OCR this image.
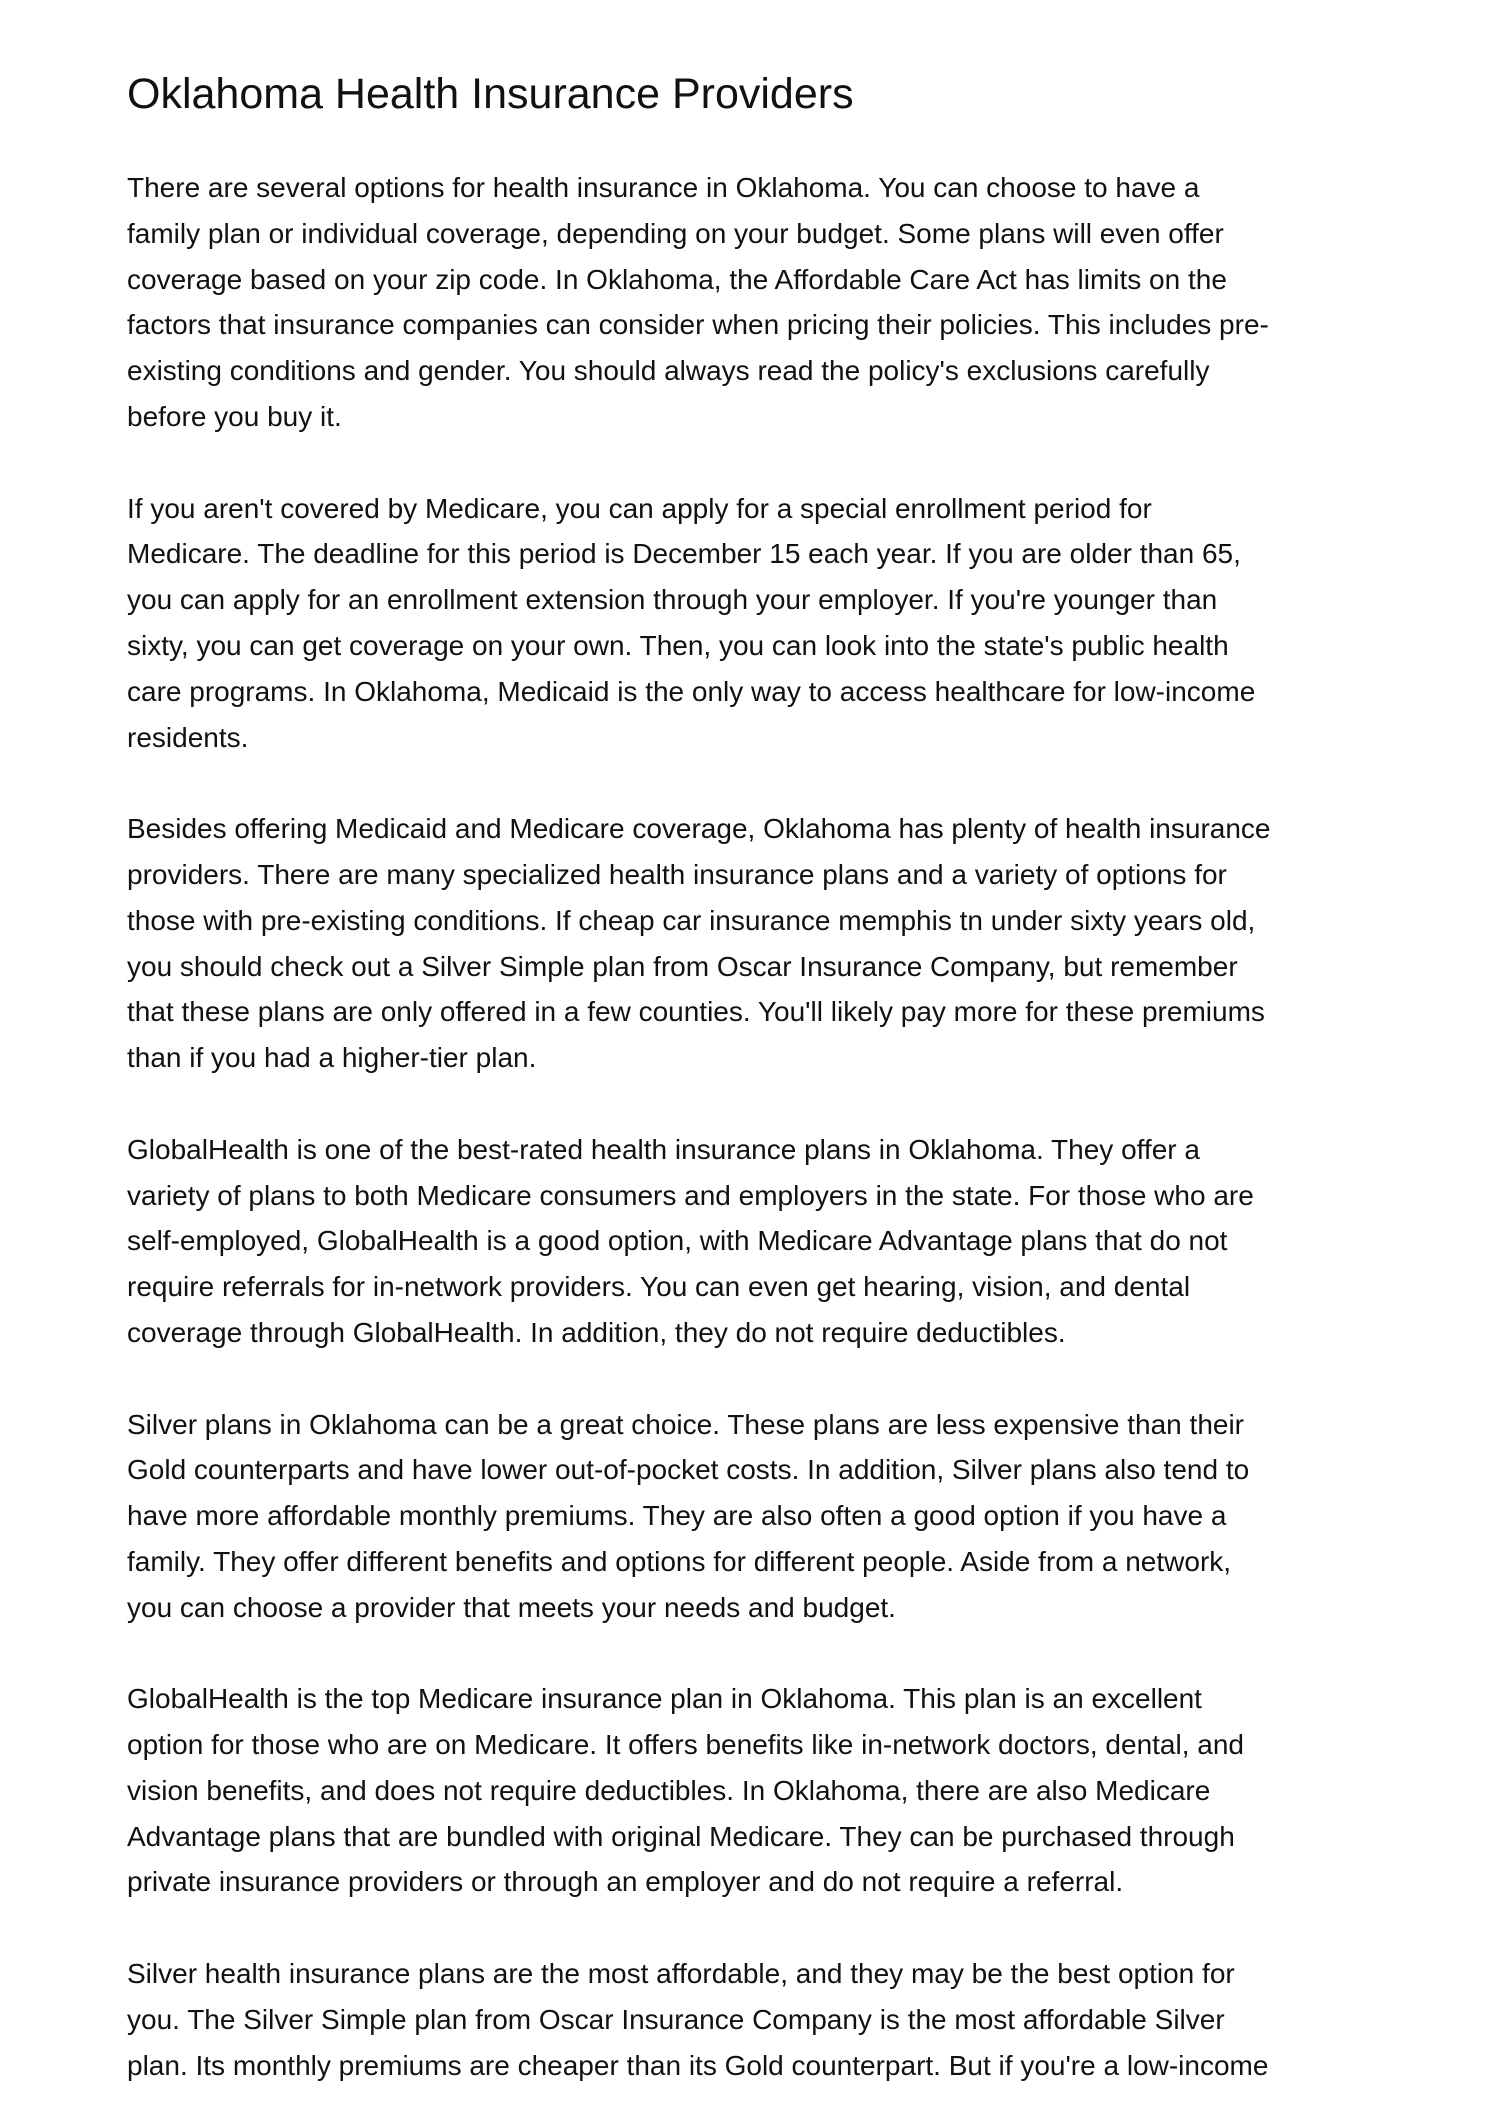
Oklahoma Health Insurance Providers

There are several options for health insurance in Oklahoma. You can choose to have a
family plan or individual coverage, depending on your budget. Some plans will even offer
coverage based on your zip code. In Oklahoma, the Affordable Care Act has limits on the
factors that insurance companies can consider when pricing their policies. This includes pre-
existing conditions and gender. You should always read the policy's exclusions carefully
before you buy it.

If you aren't covered by Medicare, you can apply for a special enrollment period for
Medicare. The deadline for this period is December 15 each year. If you are older than 65,
you can apply for an enrollment extension through your employer. If you're younger than
sixty, you can get coverage on your own. Then, you can look into the state's public health
care programs. In Oklahoma, Medicaid is the only way to access healthcare for low-income
residents.

Besides offering Medicaid and Medicare coverage, Oklahoma has plenty of health insurance
providers. There are many specialized health insurance plans and a variety of options for
those with pre-existing conditions. If cheap car insurance memphis tn under sixty years old,
you should check out a Silver Simple plan from Oscar Insurance Company, but remember
that these plans are only offered in a few counties. You'll likely pay more for these premiums
than if you had a higher-tier plan.

GlobalHealth is one of the best-rated health insurance plans in Oklahoma. They offer a
variety of plans to both Medicare consumers and employers in the state. For those who are
self-employed, GlobalHealth is a good option, with Medicare Advantage plans that do not
require referrals for in-network providers. You can even get hearing, vision, and dental
coverage through GlobalHealth. In addition, they do not require deductibles.

Silver plans in Oklahoma can be a great choice. These plans are less expensive than their
Gold counterparts and have lower out-of-pocket costs. In addition, Silver plans also tend to
have more affordable monthly premiums. They are also often a good option if you have a
family. They offer different benefits and options for different people. Aside from a network,
you can choose a provider that meets your needs and budget.

GlobalHealth is the top Medicare insurance plan in Oklahoma. This plan is an excellent
option for those who are on Medicare. It offers benefits like in-network doctors, dental, and
vision benefits, and does not require deductibles. In Oklahoma, there are also Medicare
Advantage plans that are bundled with original Medicare. They can be purchased through
private insurance providers or through an employer and do not require a referral.

Silver health insurance plans are the most affordable, and they may be the best option for
you. The Silver Simple plan from Oscar Insurance Company is the most affordable Silver
plan. Its monthly premiums are cheaper than its Gold counterpart. But if you're a low-income
